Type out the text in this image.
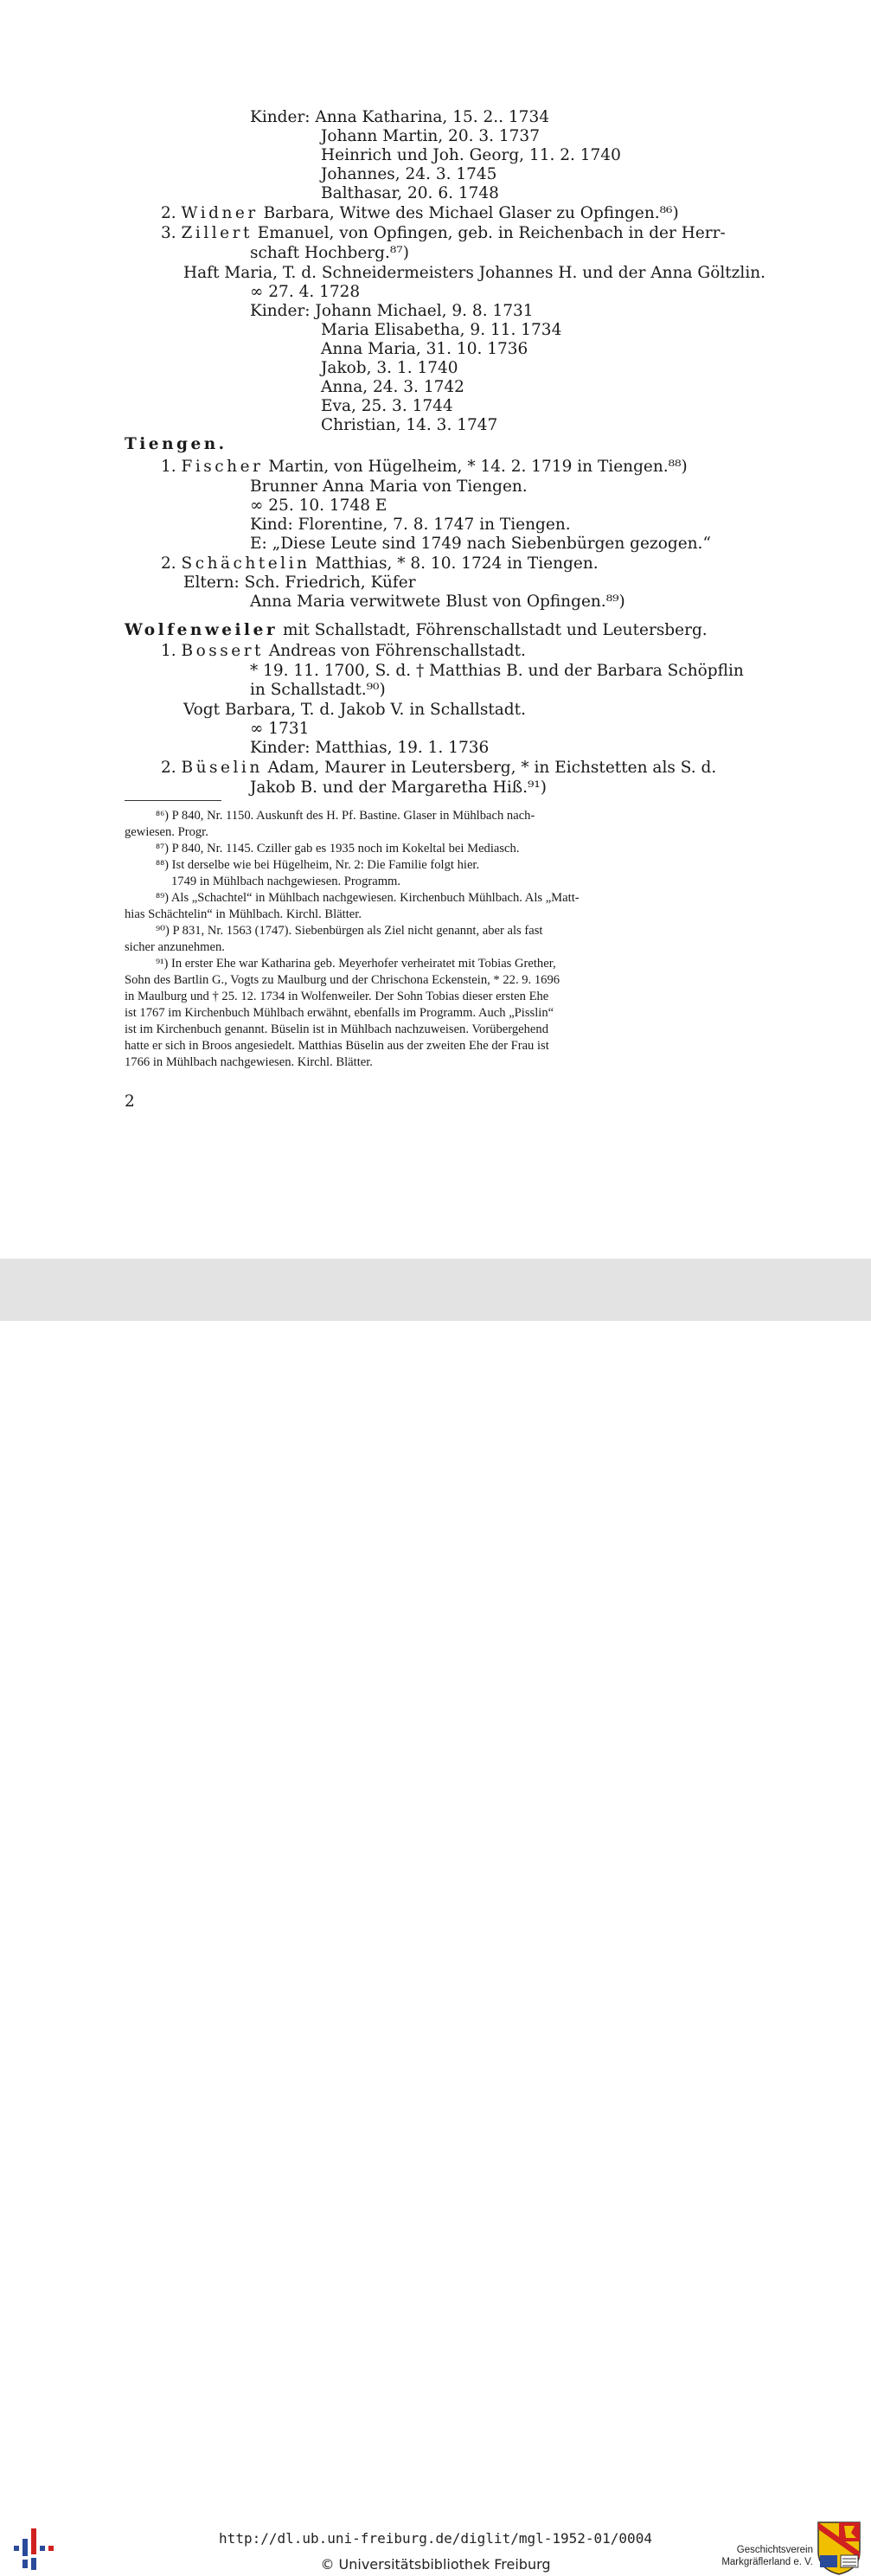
Kinder: Anna Katharina, 15. 2.. 1734
Johann Martin, 20. 3. 1737
Heinrich und Joh. Georg, 11. 2. 1740
Johannes, 24. 3. 1745
Balthasar, 20. 6. 1748
2. Widner Barbara, Witwe des Michael Glaser zu Opfingen.⁸⁶)
3. Zillert Emanuel, von Opfingen, geb. in Reichenbach in der Herr-
schaft Hochberg.⁸⁷)
Haft Maria, T. d. Schneidermeisters Johannes H. und der Anna Göltzlin.
∞ 27. 4. 1728
Kinder: Johann Michael, 9. 8. 1731
Maria Elisabetha, 9. 11. 1734
Anna Maria, 31. 10. 1736
Jakob, 3. 1. 1740
Anna, 24. 3. 1742
Eva, 25. 3. 1744
Christian, 14. 3. 1747
Tiengen.
1. Fischer Martin, von Hügelheim, * 14. 2. 1719 in Tiengen.⁸⁸)
Brunner Anna Maria von Tiengen.
∞ 25. 10. 1748 E
Kind: Florentine, 7. 8. 1747 in Tiengen.
E: „Diese Leute sind 1749 nach Siebenbürgen gezogen.“
2. Schächtelin Matthias, * 8. 10. 1724 in Tiengen.
Eltern: Sch. Friedrich, Küfer
Anna Maria verwitwete Blust von Opfingen.⁸⁹)
Wolfenweiler mit Schallstadt, Föhrenschallstadt und Leutersberg.
1. Bossert Andreas von Föhrenschallstadt.
* 19. 11. 1700, S. d. † Matthias B. und der Barbara Schöpflin
in Schallstadt.⁹⁰)
Vogt Barbara, T. d. Jakob V. in Schallstadt.
∞ 1731
Kinder: Matthias, 19. 1. 1736
2. Büselin Adam, Maurer in Leutersberg, * in Eichstetten als S. d.
Jakob B. und der Margaretha Hiß.⁹¹)
⁸⁶) P 840, Nr. 1150. Auskunft des H. Pf. Bastine. Glaser in Mühlbach nach-
gewiesen. Progr.
⁸⁷) P 840, Nr. 1145. Cziller gab es 1935 noch im Kokeltal bei Mediasch.
⁸⁸) Ist derselbe wie bei Hügelheim, Nr. 2: Die Familie folgt hier.
1749 in Mühlbach nachgewiesen. Programm.
⁸⁹) Als „Schachtel“ in Mühlbach nachgewiesen. Kirchenbuch Mühlbach. Als „Matt-
hias Schächtelin“ in Mühlbach. Kirchl. Blätter.
⁹⁰) P 831, Nr. 1563 (1747). Siebenbürgen als Ziel nicht genannt, aber als fast
sicher anzunehmen.
⁹¹) In erster Ehe war Katharina geb. Meyerhofer verheiratet mit Tobias Grether,
Sohn des Bartlin G., Vogts zu Maulburg und der Chrischona Eckenstein, * 22. 9. 1696
in Maulburg und † 25. 12. 1734 in Wolfenweiler. Der Sohn Tobias dieser ersten Ehe
ist 1767 im Kirchenbuch Mühlbach erwähnt, ebenfalls im Programm. Auch „Pisslin“
ist im Kirchenbuch genannt. Büselin ist in Mühlbach nachzuweisen. Vorübergehend
hatte er sich in Broos angesiedelt. Matthias Büselin aus der zweiten Ehe der Frau ist
1766 in Mühlbach nachgewiesen. Kirchl. Blätter.
2
http://dl.ub.uni-freiburg.de/diglit/mgl-1952-01/0004
© Universitätsbibliothek Freiburg
Geschichtsverein
Markgräflerland e. V.
